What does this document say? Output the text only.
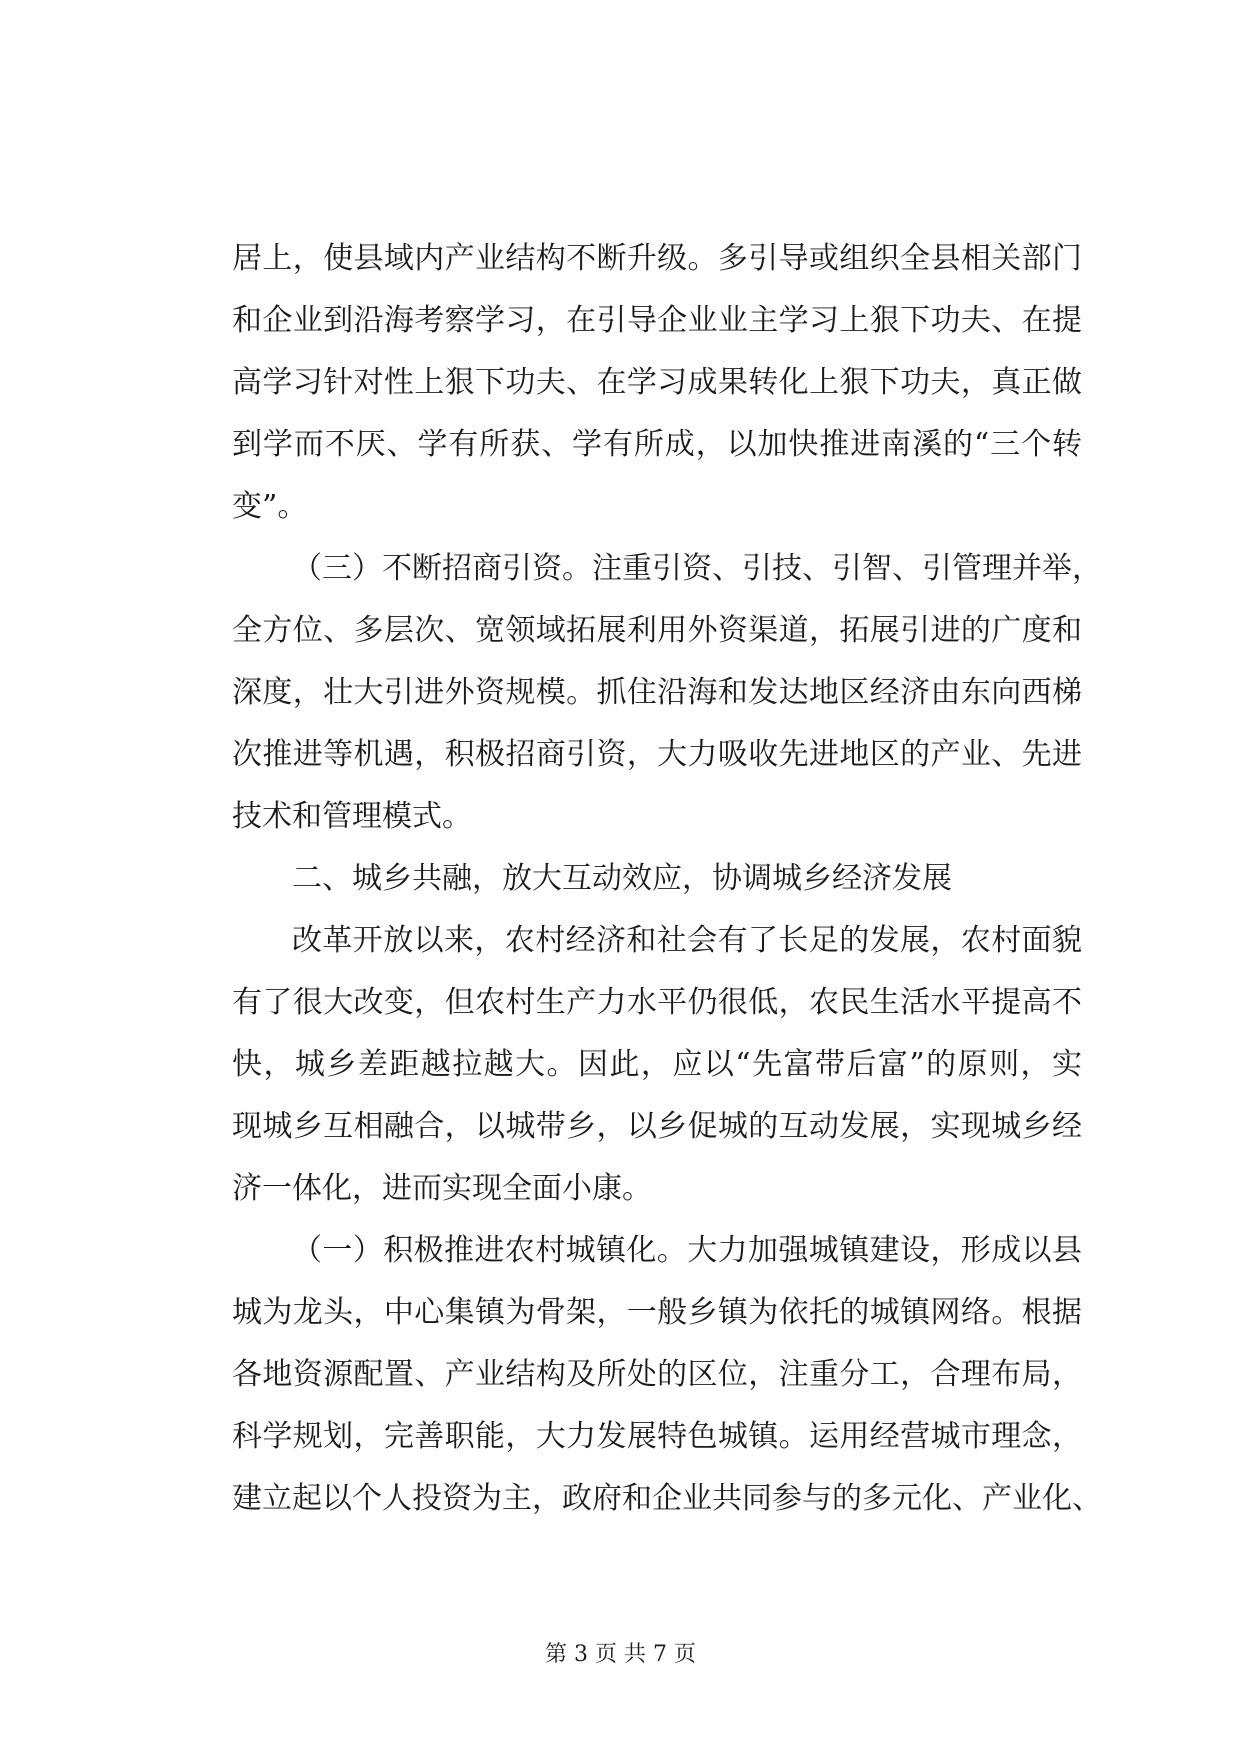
居上，使县域内产业结构不断升级。多引导或组织全县相关部门
和企业到沿海考察学习，在引导企业业主学习上狠下功夫、在提
高学习针对性上狠下功夫、在学习成果转化上狠下功夫，真正做
到学而不厌、学有所获、学有所成，以加快推进南溪的“三个转
变”。
（三）不断招商引资。注重引资、引技、引智、引管理并举，
全方位、多层次、宽领域拓展利用外资渠道，拓展引进的广度和
深度，壮大引进外资规模。抓住沿海和发达地区经济由东向西梯
次推进等机遇，积极招商引资，大力吸收先进地区的产业、先进
技术和管理模式。
二、城乡共融，放大互动效应，协调城乡经济发展
改革开放以来，农村经济和社会有了长足的发展，农村面貌
有了很大改变，但农村生产力水平仍很低，农民生活水平提高不
快，城乡差距越拉越大。因此，应以“先富带后富”的原则，实
现城乡互相融合，以城带乡，以乡促城的互动发展，实现城乡经
济一体化，进而实现全面小康。
（一）积极推进农村城镇化。大力加强城镇建设，形成以县
城为龙头，中心集镇为骨架，一般乡镇为依托的城镇网络。根据
各地资源配置、产业结构及所处的区位，注重分工，合理布局，
科学规划，完善职能，大力发展特色城镇。运用经营城市理念，
建立起以个人投资为主，政府和企业共同参与的多元化、产业化、
第 3 页 共 7 页
